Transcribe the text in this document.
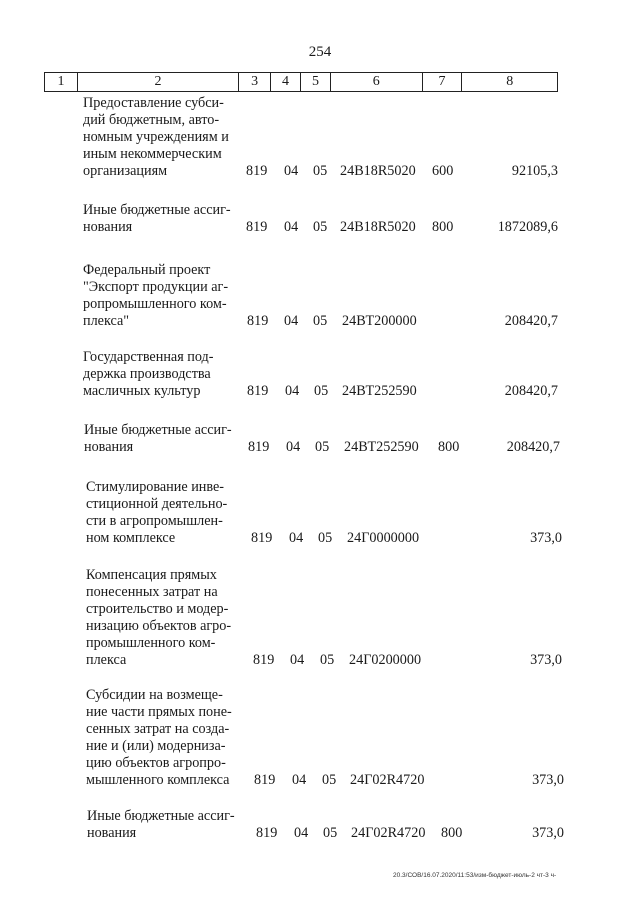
254
1	2	3	4	5	6	7	8
Предоставление субси-
дий бюджетным, авто-
номным учреждениям и
иным некоммерческим
организациям	819 04 05 24В18R5020 600	92105,3
Иные бюджетные ассиг-
нования	819 04 05 24В18R5020 800	1872089,6
Федеральный проект
"Экспорт продукции аг-
ропромышленного ком-
плекса"	819 04 05 24ВТ200000	208420,7
Государственная под-
держка производства
масличных культур	819 04 05 24ВТ252590	208420,7
Иные бюджетные ассиг-
нования	819 04 05 24ВТ252590 800	208420,7
Стимулирование инве-
стиционной деятельно-
сти в агропромышлен-
ном комплексе	819 04 05 24Г0000000	373,0
Компенсация прямых
понесенных затрат на
строительство и модер-
низацию объектов агро-
промышленного ком-
плекса	819 04 05 24Г0200000	373,0
Субсидии на возмеще-
ние части прямых поне-
сенных затрат на созда-
ние и (или) модерниза-
цию объектов агропро-
мышленного комплекса	819 04 05 24Г02R4720	373,0
Иные бюджетные ассиг-
нования	819 04 05 24Г02R4720 800	373,0
20.3/СОВ/16.07.2020/11:53/изм-бюджет-июль-2 чт-3 ч-
